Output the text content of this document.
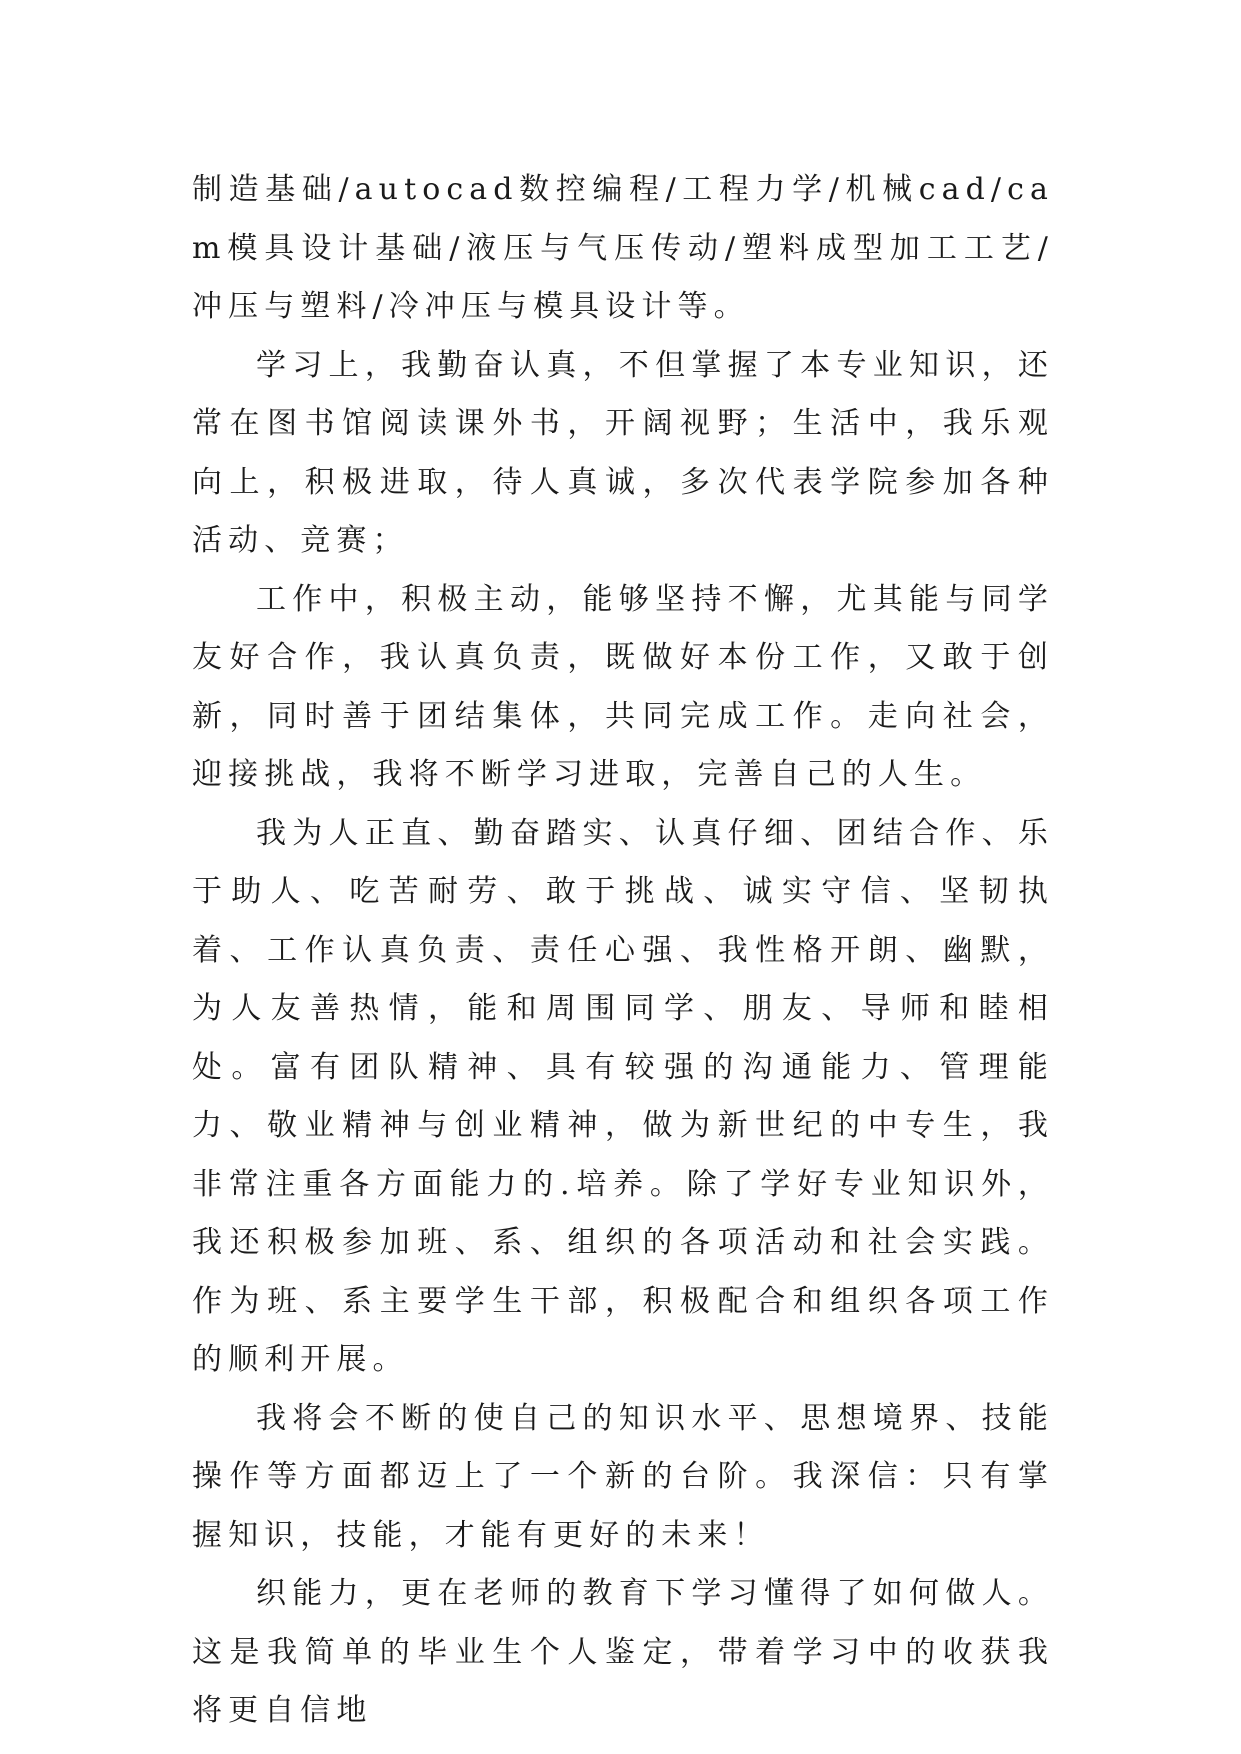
制造基础/autocad数控编程/工程力学/机械cad/cam模具设计基础/液压与气压传动/塑料成型加工工艺/冲压与塑料/冷冲压与模具设计等。

学习上，我勤奋认真，不但掌握了本专业知识，还常在图书馆阅读课外书，开阔视野；生活中，我乐观向上，积极进取，待人真诚，多次代表学院参加各种活动、竞赛；

工作中，积极主动，能够坚持不懈，尤其能与同学友好合作，我认真负责，既做好本份工作，又敢于创新，同时善于团结集体，共同完成工作。走向社会，迎接挑战，我将不断学习进取，完善自己的人生。

我为人正直、勤奋踏实、认真仔细、团结合作、乐于助人、吃苦耐劳、敢于挑战、诚实守信、坚韧执着、工作认真负责、责任心强、我性格开朗、幽默，为人友善热情，能和周围同学、朋友、导师和睦相处。富有团队精神、具有较强的沟通能力、管理能力、敬业精神与创业精神，做为新世纪的中专生，我非常注重各方面能力的.培养。除了学好专业知识外，我还积极参加班、系、组织的各项活动和社会实践。作为班、系主要学生干部，积极配合和组织各项工作的顺利开展。

我将会不断的使自己的知识水平、思想境界、技能操作等方面都迈上了一个新的台阶。我深信：只有掌握知识，技能，才能有更好的未来！

织能力，更在老师的教育下学习懂得了如何做人。这是我简单的毕业生个人鉴定，带着学习中的收获我将更自信地
